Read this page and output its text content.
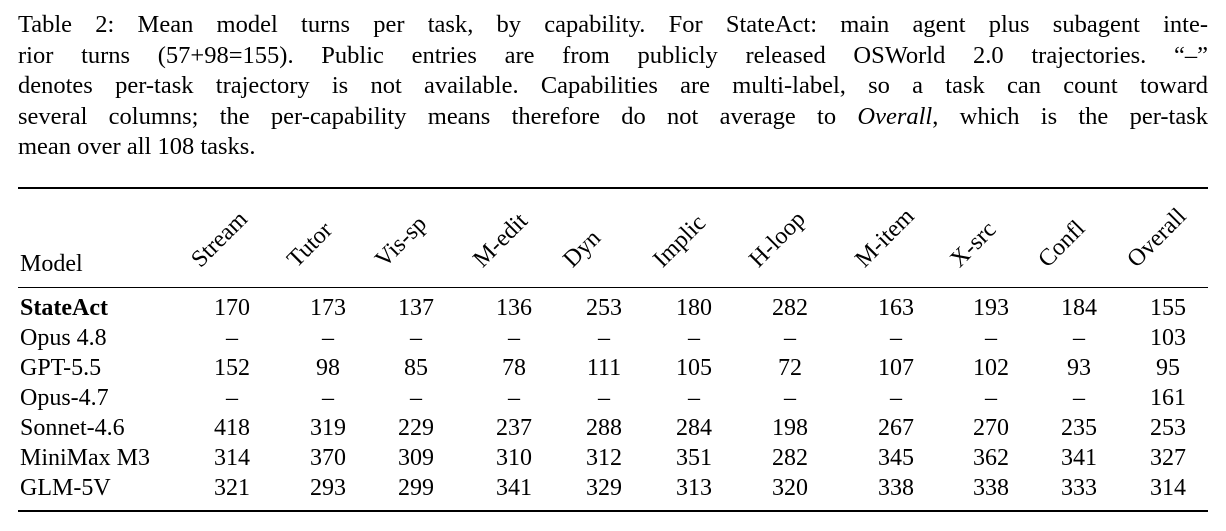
Table 2: Mean model turns per task, by capability. For StateAct: main agent plus subagent inte-
rior turns (57+98=155). Public entries are from publicly released OSWorld 2.0 trajectories. “–”
denotes per-task trajectory is not available. Capabilities are multi-label, so a task can count toward
several columns; the per-capability means therefore do not average to Overall, which is the per-task
mean over all 108 tasks.
Model	Stream Tutor Vis-sp M-edit Dyn Implic H-loop M-item X-src Confl Overall
StateAct	170	173	137	136	253	180	282	163	193	184	155
Opus 4.8	–	–	–	–	–	–	–	–	–	–	103
GPT-5.5	152	98	85	78	111	105	72	107	102	93	95
Opus-4.7	–	–	–	–	–	–	–	–	–	–	161
Sonnet-4.6	418	319	229	237	288	284	198	267	270	235	253
MiniMax M3	314	370	309	310	312	351	282	345	362	341	327
GLM-5V	321	293	299	341	329	313	320	338	338	333	314
